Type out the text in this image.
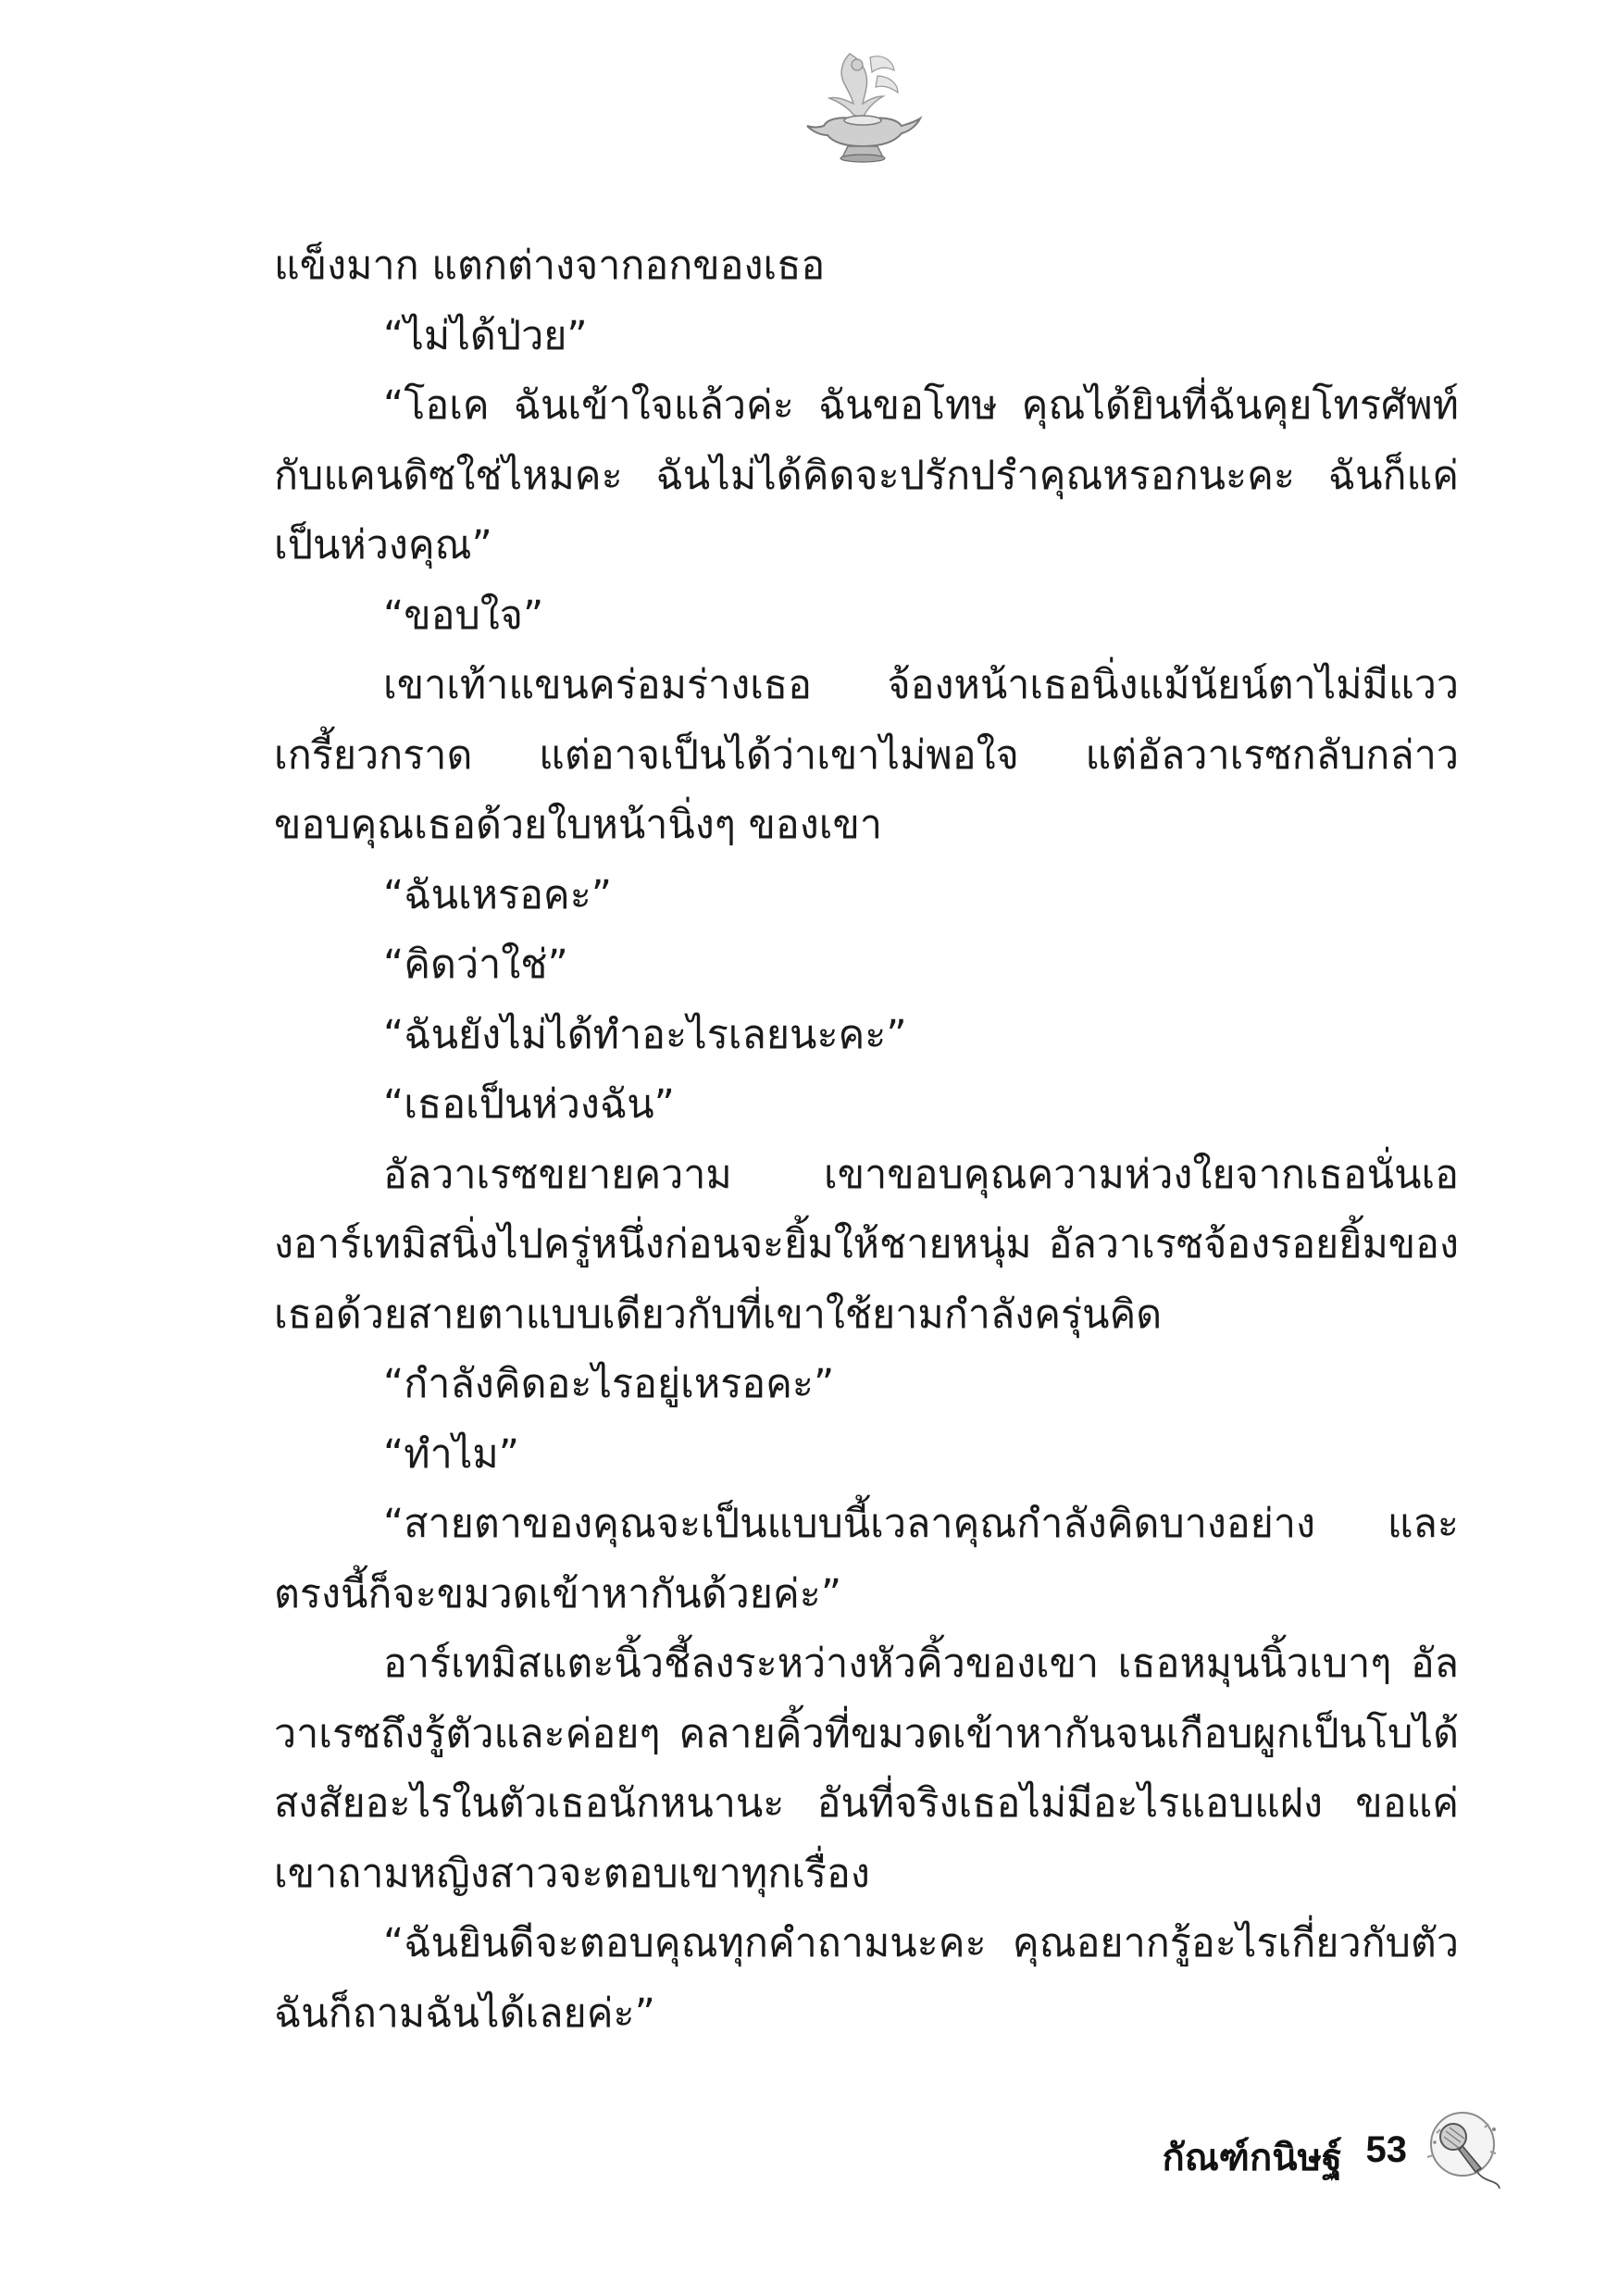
แข็งมาก แตกต่างจากอกของเธอ

“ไม่ได้ป่วย”

“โอเค ฉันเข้าใจแล้วค่ะ ฉันขอโทษ คุณได้ยินที่ฉันคุยโทรศัพท์กับแคนดิซใช่ไหมคะ ฉันไม่ได้คิดจะปรักปรำคุณหรอกนะคะ ฉันก็แค่เป็นห่วงคุณ”

“ขอบใจ”

เขาเท้าแขนคร่อมร่างเธอ จ้องหน้าเธอนิ่งแม้นัยน์ตาไม่มีแววเกรี้ยวกราด แต่อาจเป็นได้ว่าเขาไม่พอใจ แต่อัลวาเรซกลับกล่าวขอบคุณเธอด้วยใบหน้านิ่งๆ ของเขา

“ฉันเหรอคะ”

“คิดว่าใช่”

“ฉันยังไม่ได้ทำอะไรเลยนะคะ”

“เธอเป็นห่วงฉัน”

อัลวาเรซขยายความ เขาขอบคุณความห่วงใยจากเธอนั่นเองอาร์เทมิสนิ่งไปครู่หนึ่งก่อนจะยิ้มให้ชายหนุ่ม อัลวาเรซจ้องรอยยิ้มของเธอด้วยสายตาแบบเดียวกับที่เขาใช้ยามกำลังครุ่นคิด

“กำลังคิดอะไรอยู่เหรอคะ”

“ทำไม”

“สายตาของคุณจะเป็นแบบนี้เวลาคุณกำลังคิดบางอย่าง และตรงนี้ก็จะขมวดเข้าหากันด้วยค่ะ”

อาร์เทมิสแตะนิ้วชี้ลงระหว่างหัวคิ้วของเขา เธอหมุนนิ้วเบาๆ อัลวาเรซถึงรู้ตัวและค่อยๆ คลายคิ้วที่ขมวดเข้าหากันจนเกือบผูกเป็นโบได้ สงสัยอะไรในตัวเธอนักหนานะ อันที่จริงเธอไม่มีอะไรแอบแฝง ขอแค่เขาถามหญิงสาวจะตอบเขาทุกเรื่อง

“ฉันยินดีจะตอบคุณทุกคำถามนะคะ คุณอยากรู้อะไรเกี่ยวกับตัวฉันก็ถามฉันได้เลยค่ะ”

กัณฑ์กนิษฐ์ 53
